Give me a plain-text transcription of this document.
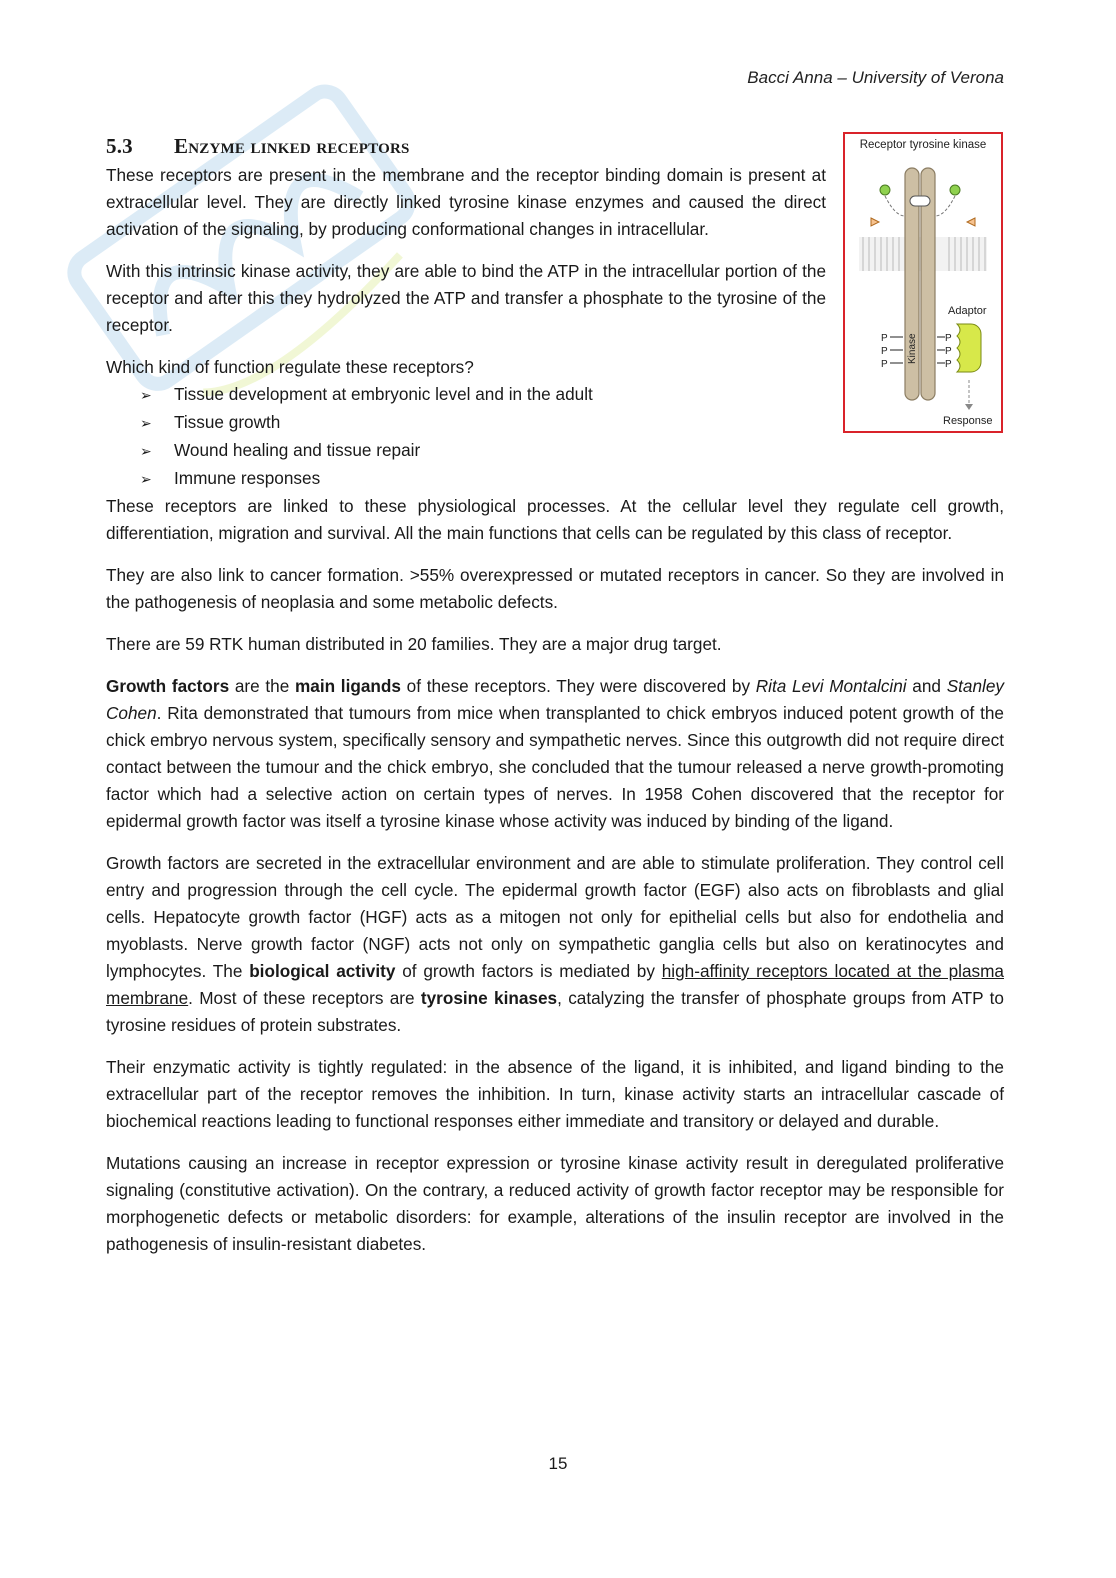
Bacci Anna – University of Verona
Receptor tyrosine kinase
Kinase
P
P
P
P
P
P
Adaptor
Response
5.3 Enzyme linked receptors

These receptors are present in the membrane and the receptor binding domain is present at extracellular level. They are directly linked tyrosine kinase enzymes and caused the direct activation of the signaling, by producing conformational changes in intracellular.

With this intrinsic kinase activity, they are able to bind the ATP in the intracellular portion of the receptor and after this they hydrolyzed the ATP and transfer a phosphate to the tyrosine of the receptor.

Which kind of function regulate these receptors?

➢ Tissue development at embryonic level and in the adult
➢ Tissue growth
➢ Wound healing and tissue repair
➢ Immune responses

These receptors are linked to these physiological processes. At the cellular level they regulate cell growth, differentiation, migration and survival. All the main functions that cells can be regulated by this class of receptor.

They are also link to cancer formation. >55% overexpressed or mutated receptors in cancer. So they are involved in the pathogenesis of neoplasia and some metabolic defects.

There are 59 RTK human distributed in 20 families. They are a major drug target.

Growth factors are the main ligands of these receptors. They were discovered by Rita Levi Montalcini and Stanley Cohen. Rita demonstrated that tumours from mice when transplanted to chick embryos induced potent growth of the chick embryo nervous system, specifically sensory and sympathetic nerves. Since this outgrowth did not require direct contact between the tumour and the chick embryo, she concluded that the tumour released a nerve growth-promoting factor which had a selective action on certain types of nerves. In 1958 Cohen discovered that the receptor for epidermal growth factor was itself a tyrosine kinase whose activity was induced by binding of the ligand.

Growth factors are secreted in the extracellular environment and are able to stimulate proliferation. They control cell entry and progression through the cell cycle. The epidermal growth factor (EGF) also acts on fibroblasts and glial cells. Hepatocyte growth factor (HGF) acts as a mitogen not only for epithelial cells but also for endothelia and myoblasts. Nerve growth factor (NGF) acts not only on sympathetic ganglia cells but also on keratinocytes and lymphocytes. The biological activity of growth factors is mediated by high-affinity receptors located at the plasma membrane. Most of these receptors are tyrosine kinases, catalyzing the transfer of phosphate groups from ATP to tyrosine residues of protein substrates.

Their enzymatic activity is tightly regulated: in the absence of the ligand, it is inhibited, and ligand binding to the extracellular part of the receptor removes the inhibition. In turn, kinase activity starts an intracellular cascade of biochemical reactions leading to functional responses either immediate and transitory or delayed and durable.

Mutations causing an increase in receptor expression or tyrosine kinase activity result in deregulated proliferative signaling (constitutive activation). On the contrary, a reduced activity of growth factor receptor may be responsible for morphogenetic defects or metabolic disorders: for example, alterations of the insulin receptor are involved in the pathogenesis of insulin-resistant diabetes.

15
